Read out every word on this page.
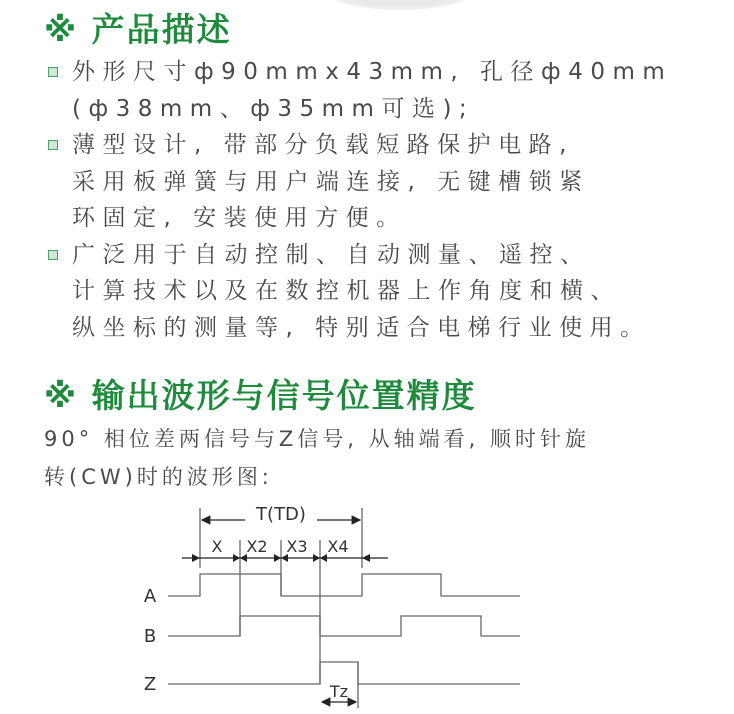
※ 产品描述
外形尺寸ф90mmx43mm, 孔径ф40mm
(ф38mm、ф35mm可选);
薄型设计, 带部分负载短路保护电路,
采用板弹簧与用户端连接, 无键槽锁紧
环固定, 安装使用方便。
广泛用于自动控制、自动测量、遥控、
计算技术以及在数控机器上作角度和横、
纵坐标的测量等, 特别适合电梯行业使用。
※ 输出波形与信号位置精度
90° 相位差两信号与Z信号, 从轴端看, 顺时针旋
转(CW)时的波形图:
T(TD)
X X2 X3 X4
A
B
Z	Tz
